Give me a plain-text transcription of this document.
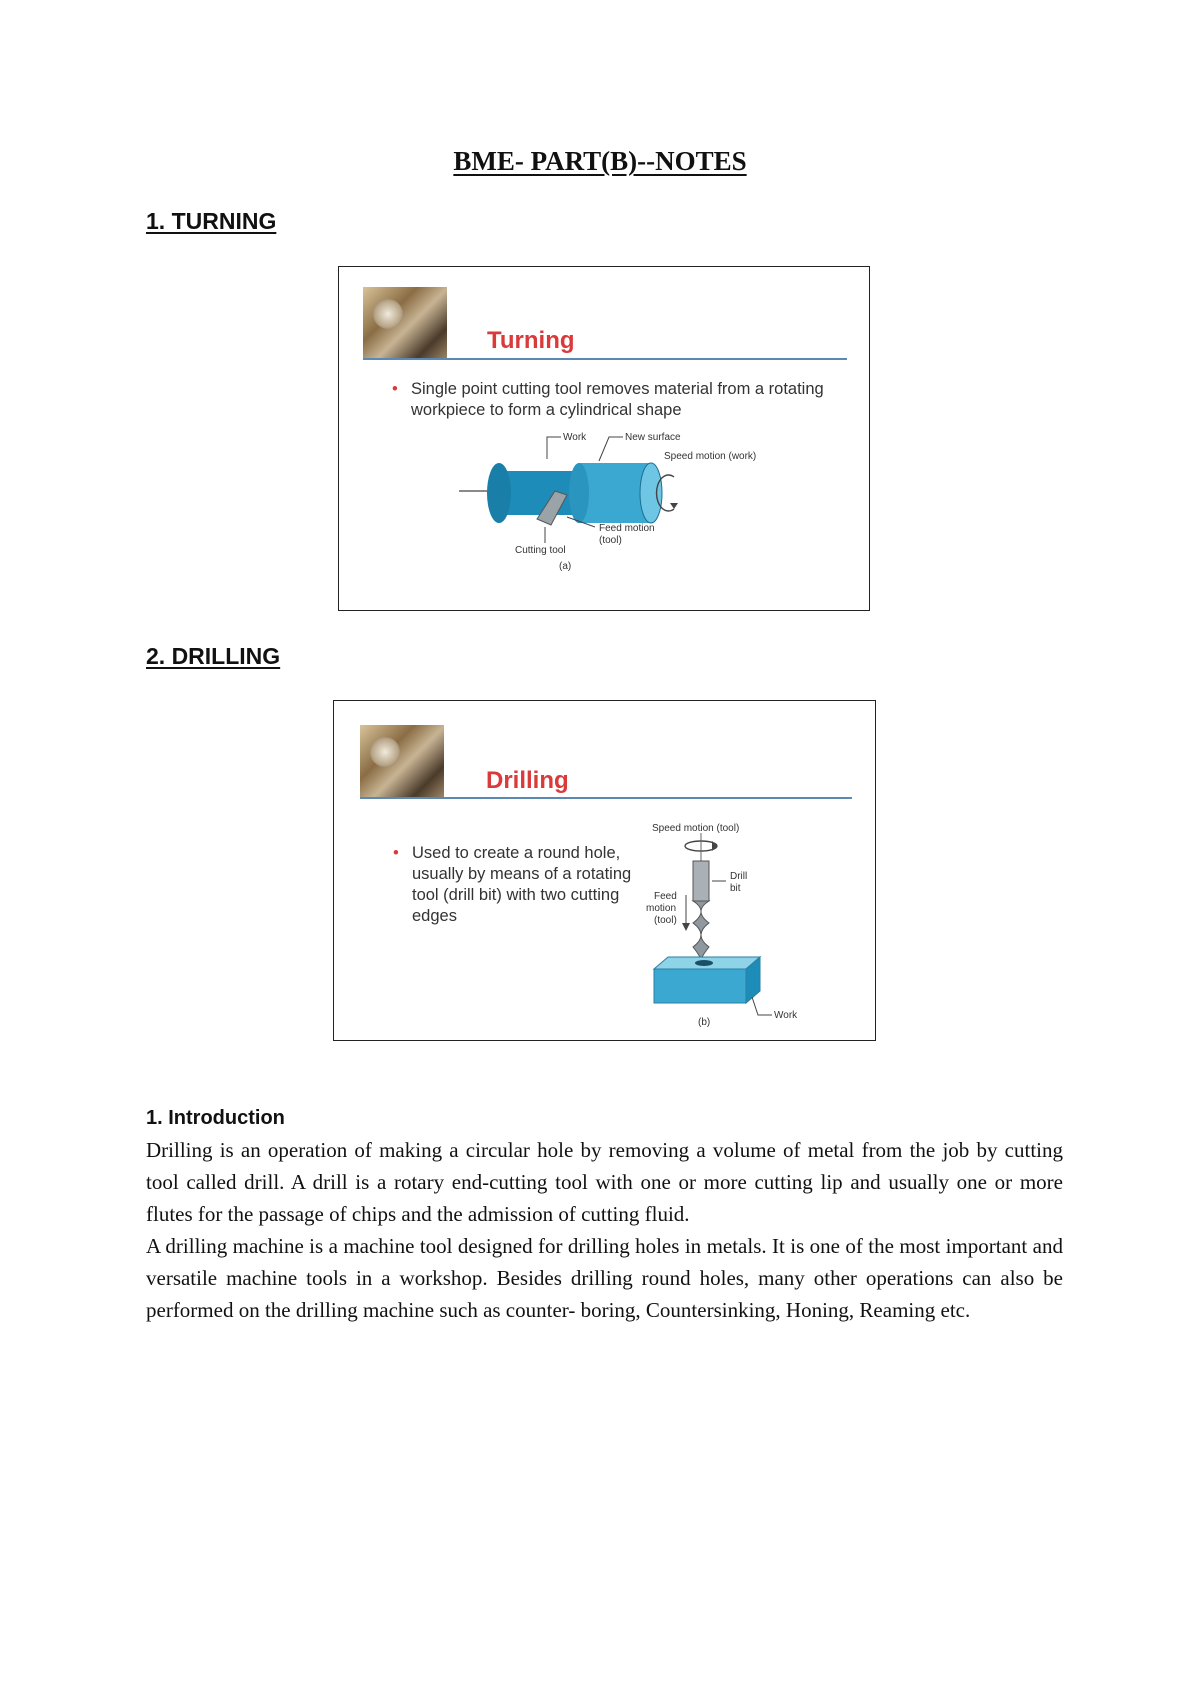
BME- PART(B)--NOTES
1. TURNING
Turning
• Single point cutting tool removes material from a rotating workpiece to form a cylindrical shape
Work	New surface
Speed motion (work)
Feed motion
(tool)
Cutting tool
(a)
2. DRILLING
Drilling
• Used to create a round hole, usually by means of a rotating tool (drill bit) with two cutting edges
Speed motion (tool)
Drill
bit
Feed
motion
(tool)
Work
(b)
1. Introduction

Drilling is an operation of making a circular hole by removing a volume of metal from the job by cutting tool called drill. A drill is a rotary end-cutting tool with one or more cutting lip and usually one or more flutes for the passage of chips and the admission of cutting fluid.

A drilling machine is a machine tool designed for drilling holes in metals. It is one of the most important and versatile machine tools in a workshop. Besides drilling round holes, many other operations can also be performed on the drilling machine such as counter- boring, Countersinking, Honing, Reaming etc.
